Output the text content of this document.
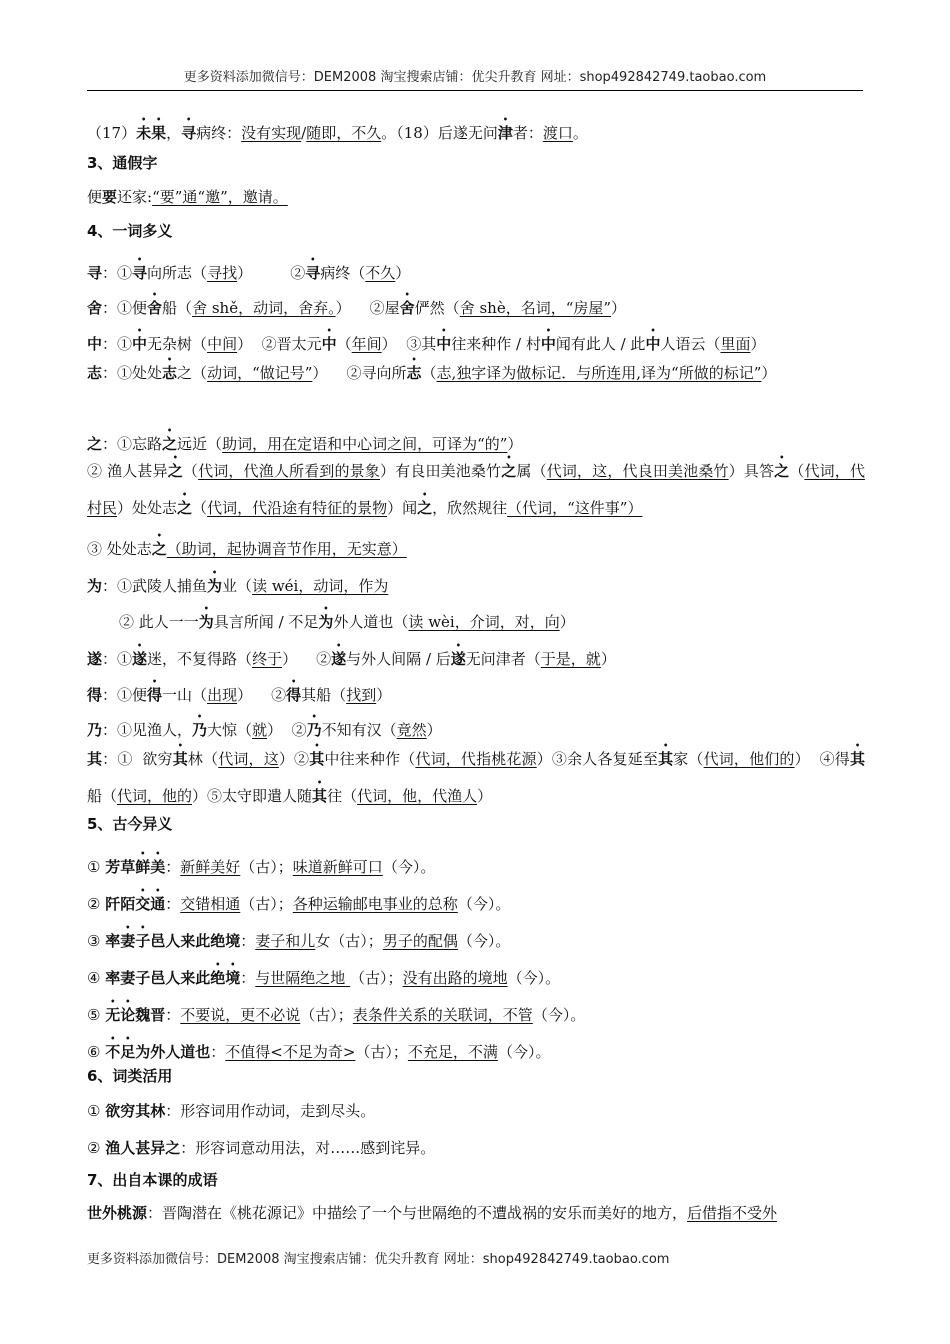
更多资料添加微信号：DEM2008 淘宝搜索店铺：优尖升教育 网址：shop492842749.taobao.com
（17）未果，寻病终：没有实现/随即，不久。（18）后遂无问津者：渡口。
3、通假字
便要还家:“要”通“邀”，邀请。
4、一词多义
寻：①寻向所志（寻找）        ②寻病终（不久）
舍：①便舍船（舍 shě，动词，舍弃。）    ②屋舍俨然（舍 shè，名词，“房屋”）
中：①中无杂树（中间）  ②晋太元中（年间）  ③其中往来种作 / 村中闻有此人 / 此中人语云（里面）
志：①处处志之（动词，“做记号”）    ②寻向所志（志,独字译为做标记．与所连用,译为“所做的标记”）
之：①忘路之远近（助词，用在定语和中心词之间，可译为“的”）
② 渔人甚异之（代词，代渔人所看到的景象）有良田美池桑竹之属（代词，这，代良田美池桑竹）具答之（代词，代村民）处处志之（代词，代沿途有特征的景物）闻之，欣然规往（代词，“这件事”）
③ 处处志之（助词，起协调音节作用，无实意）
为：①武陵人捕鱼为业（读 wéi，动词，作为
② 此人一一为具言所闻 / 不足为外人道也（读 wèi，介词，对，向）
遂：①遂迷，不复得路（终于）    ②遂与外人间隔 / 后遂无问津者（于是，就）
得：①便得一山（出现）    ②得其船（找到）
乃：①见渔人，乃大惊（就）  ②乃不知有汉（竟然）
其：①  欲穷其林（代词，这）②其中往来种作（代词，代指桃花源）③余人各复延至其家（代词，他们的）  ④得其船（代词，他的）⑤太守即遣人随其往（代词，他，代渔人）
5、古今异义
① 芳草鲜美：新鲜美好（古）；味道新鲜可口（今）。
② 阡陌交通：交错相通（古）；各种运输邮电事业的总称（今）。
③ 率妻子邑人来此绝境：妻子和儿女（古）；男子的配偶（今）。
④ 率妻子邑人来此绝境：与世隔绝之地 （古）；没有出路的境地（今）。
⑤ 无论魏晋：不要说，更不必说（古）；表条件关系的关联词，不管（今）。
⑥ 不足为外人道也：不值得<不足为奇>（古）；不充足，不满（今）。
6、词类活用
① 欲穷其林：形容词用作动词，走到尽头。
② 渔人甚异之：形容词意动用法，对……感到诧异。
7、出自本课的成语
世外桃源：晋陶潜在《桃花源记》中描绘了一个与世隔绝的不遭战祸的安乐而美好的地方，后借指不受外
更多资料添加微信号：DEM2008 淘宝搜索店铺：优尖升教育 网址：shop492842749.taobao.com
